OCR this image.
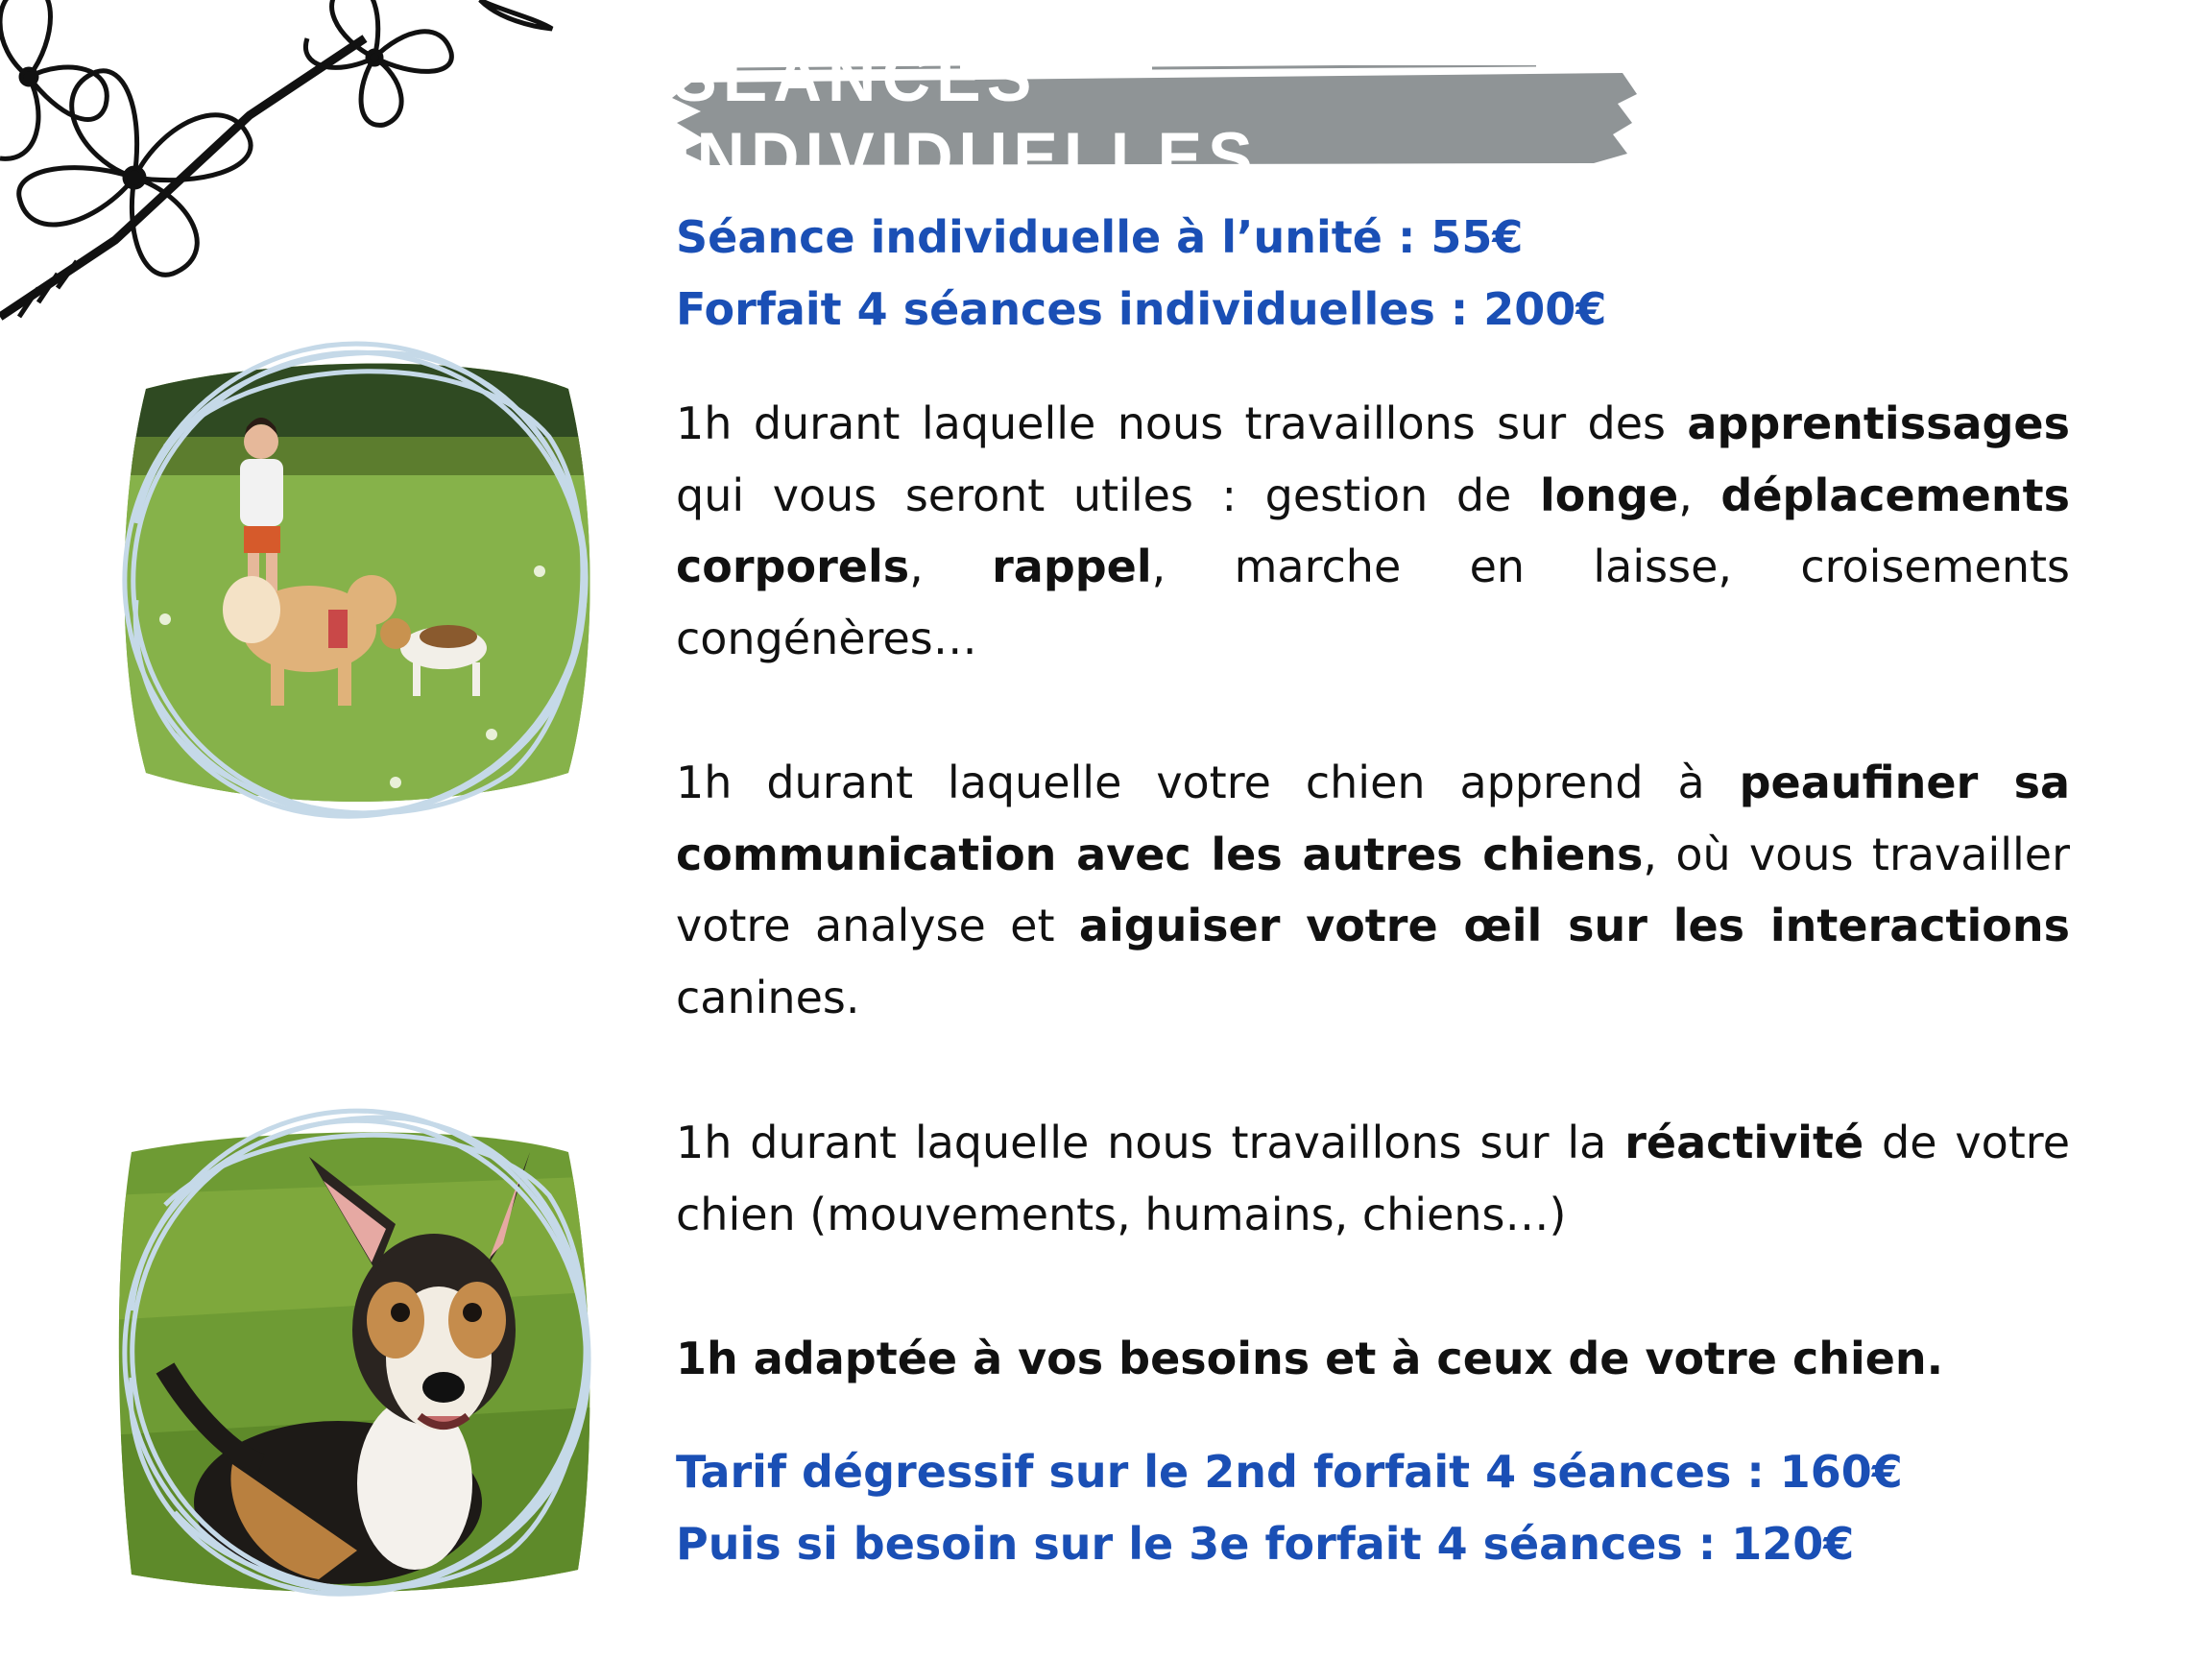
SEANCES INDIVIDUELLES
Séance individuelle à l’unité : 55€
Forfait 4 séances individuelles : 200€
1h durant laquelle nous travaillons sur des apprentissages qui vous seront utiles : gestion de longe, déplacements corporels, rappel, marche en laisse, croisements congénères…
1h durant laquelle votre chien apprend à peaufiner sa communication avec les autres chiens, où vous travailler votre analyse et aiguiser votre œil sur les interactions canines.
1h durant laquelle nous travaillons sur la réactivité de votre chien (mouvements, humains, chiens…)
1h adaptée à vos besoins et à ceux de votre chien.
Tarif dégressif sur le 2nd forfait 4 séances : 160€
Puis si besoin sur le 3e forfait 4 séances : 120€
